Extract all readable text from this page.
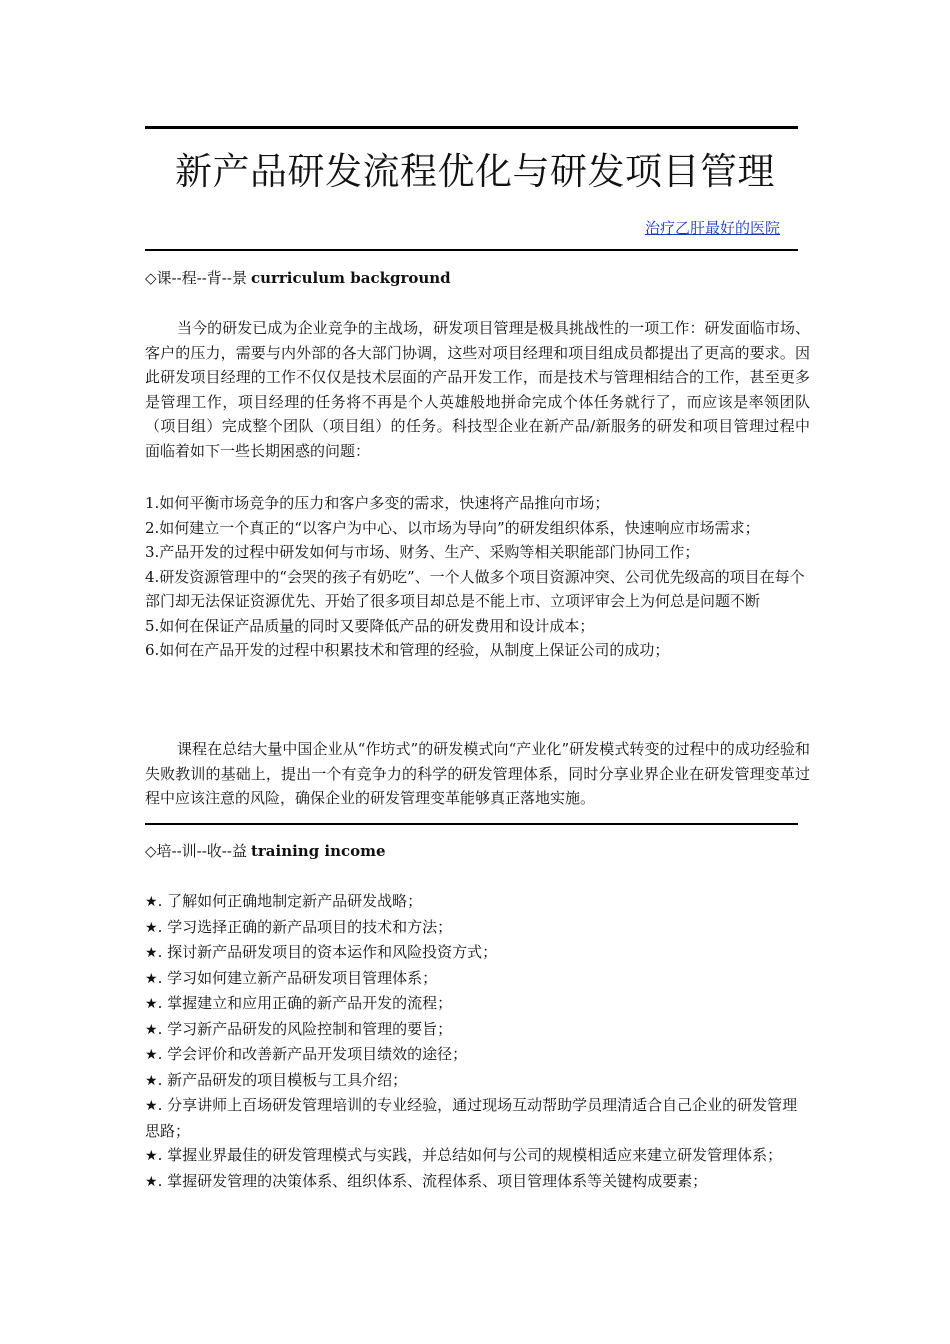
新产品研发流程优化与研发项目管理
治疗乙肝最好的医院
◇课--程--背--景 curriculum background

当今的研发已成为企业竞争的主战场，研发项目管理是极具挑战性的一项工作：研发面临市场、客户的压力，需要与内外部的各大部门协调，这些对项目经理和项目组成员都提出了更高的要求。因此研发项目经理的工作不仅仅是技术层面的产品开发工作，而是技术与管理相结合的工作，甚至更多是管理工作，项目经理的任务将不再是个人英雄般地拼命完成个体任务就行了，而应该是率领团队（项目组）完成整个团队（项目组）的任务。科技型企业在新产品/新服务的研发和项目管理过程中面临着如下一些长期困惑的问题：

1.如何平衡市场竞争的压力和客户多变的需求，快速将产品推向市场；
2.如何建立一个真正的“以客户为中心、以市场为导向”的研发组织体系，快速响应市场需求；
3.产品开发的过程中研发如何与市场、财务、生产、采购等相关职能部门协同工作；
4.研发资源管理中的“会哭的孩子有奶吃”、一个人做多个项目资源冲突、公司优先级高的项目在每个部门却无法保证资源优先、开始了很多项目却总是不能上市、立项评审会上为何总是问题不断
5.如何在保证产品质量的同时又要降低产品的研发费用和设计成本；
6.如何在产品开发的过程中积累技术和管理的经验，从制度上保证公司的成功；

课程在总结大量中国企业从“作坊式”的研发模式向“产业化”研发模式转变的过程中的成功经验和失败教训的基础上，提出一个有竞争力的科学的研发管理体系，同时分享业界企业在研发管理变革过程中应该注意的风险，确保企业的研发管理变革能够真正落地实施。

◇培--训--收--益 training income
★. 了解如何正确地制定新产品研发战略；
★. 学习选择正确的新产品项目的技术和方法；
★. 探讨新产品研发项目的资本运作和风险投资方式；
★. 学习如何建立新产品研发项目管理体系；
★. 掌握建立和应用正确的新产品开发的流程；
★. 学习新产品研发的风险控制和管理的要旨；
★. 学会评价和改善新产品开发项目绩效的途径；
★. 新产品研发的项目模板与工具介绍；
★. 分享讲师上百场研发管理培训的专业经验，通过现场互动帮助学员理清适合自己企业的研发管理思路；
★. 掌握业界最佳的研发管理模式与实践，并总结如何与公司的规模相适应来建立研发管理体系；
★. 掌握研发管理的决策体系、组织体系、流程体系、项目管理体系等关键构成要素；
